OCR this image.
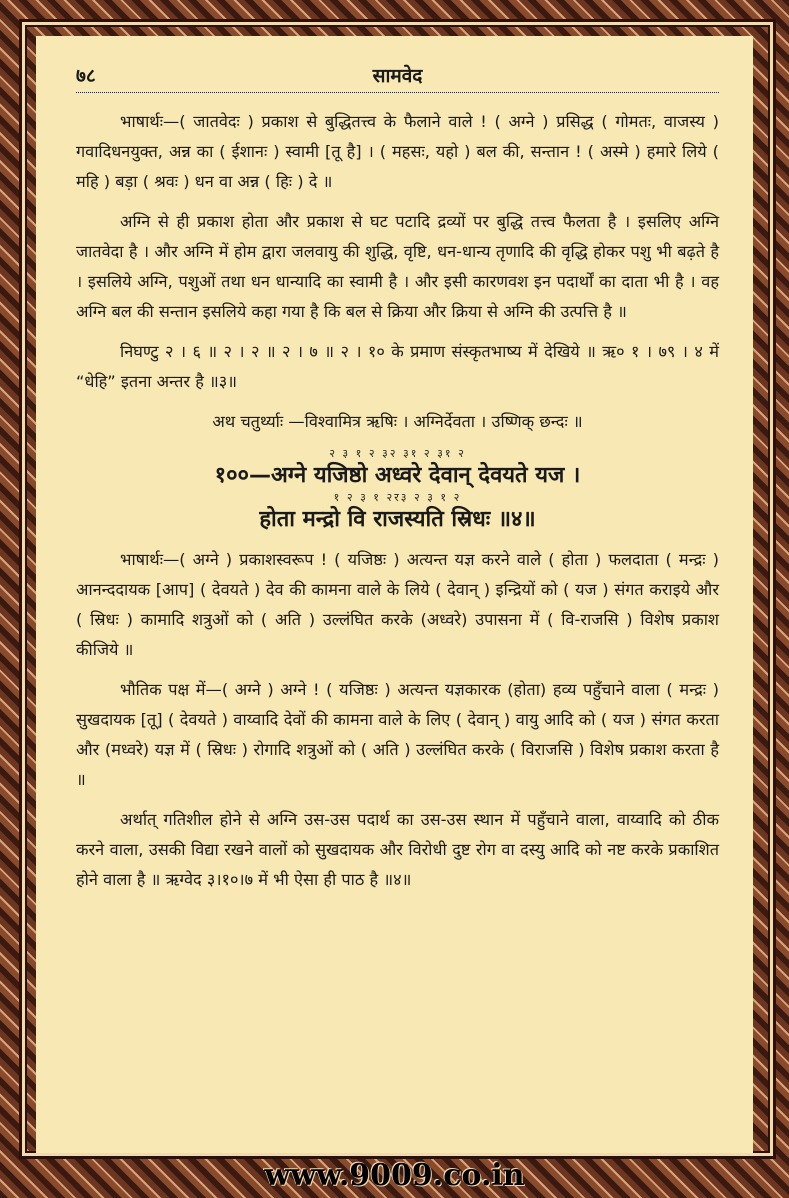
७८	सामवेद

भाषार्थः—( जातवेदः ) प्रकाश से बुद्धितत्त्व के फैलाने वाले ! ( अग्ने ) प्रसिद्ध ( गोमतः, वाजस्य ) गवादिधनयुक्त, अन्न का ( ईशानः ) स्वामी [तू है] । ( महसः, यहो ) बल की, सन्तान ! ( अस्मे ) हमारे लिये ( महि ) बड़ा ( श्रवः ) धन वा अन्न ( हिः ) दे ॥

अग्नि से ही प्रकाश होता और प्रकाश से घट पटादि द्रव्यों पर बुद्धि तत्त्व फैलता है । इसलिए अग्नि जातवेदा है । और अग्नि में होम द्वारा जलवायु की शुद्धि, वृष्टि, धन-धान्य तृणादि की वृद्धि होकर पशु भी बढ़ते है । इसलिये अग्नि, पशुओं तथा धन धान्यादि का स्वामी है । और इसी कारणवश इन पदार्थों का दाता भी है । वह अग्नि बल की सन्तान इसलिये कहा गया है कि बल से क्रिया और क्रिया से अग्नि की उत्पत्ति है ॥

निघण्टु २ । ६ ॥ २ । २ ॥ २ । ७ ॥ २ । १० के प्रमाण संस्कृतभाष्य में देखिये ॥ ऋ० १ । ७९ । ४ में “धेहि” इतना अन्तर है ॥३॥

अथ चतुर्थ्याः —विश्वामित्र ऋषिः । अग्निर्देवता । उष्णिक् छन्दः ॥

२ ३ १ २ ३२ ३१ २ ३१ २

१००—अग्ने यजिष्ठो अध्वरे देवान् देवयते यज ।

१ २ ३ १ २र३ २ ३ १ २

होता मन्द्रो वि राजस्यति स्रिधः ॥४॥

भाषार्थः—( अग्ने ) प्रकाशस्वरूप ! ( यजिष्ठः ) अत्यन्त यज्ञ करने वाले ( होता ) फलदाता ( मन्द्रः ) आनन्ददायक [आप] ( देवयते ) देव की कामना वाले के लिये ( देवान् ) इन्द्रियों को ( यज ) संगत कराइये और ( स्रिधः ) कामादि शत्रुओं को ( अति ) उल्लंघित करके (अध्वरे) उपासना में ( वि-राजसि ) विशेष प्रकाश कीजिये ॥

भौतिक पक्ष में—( अग्ने ) अग्ने ! ( यजिष्ठः ) अत्यन्त यज्ञकारक (होता) हव्य पहुँचाने वाला ( मन्द्रः ) सुखदायक [तू] ( देवयते ) वाय्वादि देवों की कामना वाले के लिए ( देवान् ) वायु आदि को ( यज ) संगत करता और (मध्वरे) यज्ञ में ( स्रिधः ) रोगादि शत्रुओं को ( अति ) उल्लंघित करके ( विराजसि ) विशेष प्रकाश करता है ॥

अर्थात् गतिशील होने से अग्नि उस-उस पदार्थ का उस-उस स्थान में पहुँचाने वाला, वाय्वादि को ठीक करने वाला, उसकी विद्या रखने वालों को सुखदायक और विरोधी दुष्ट रोग वा दस्यु आदि को नष्ट करके प्रकाशित होने वाला है ॥ ऋग्वेद ३।१०।७ में भी ऐसा ही पाठ है ॥४॥

www.9009.co.in
